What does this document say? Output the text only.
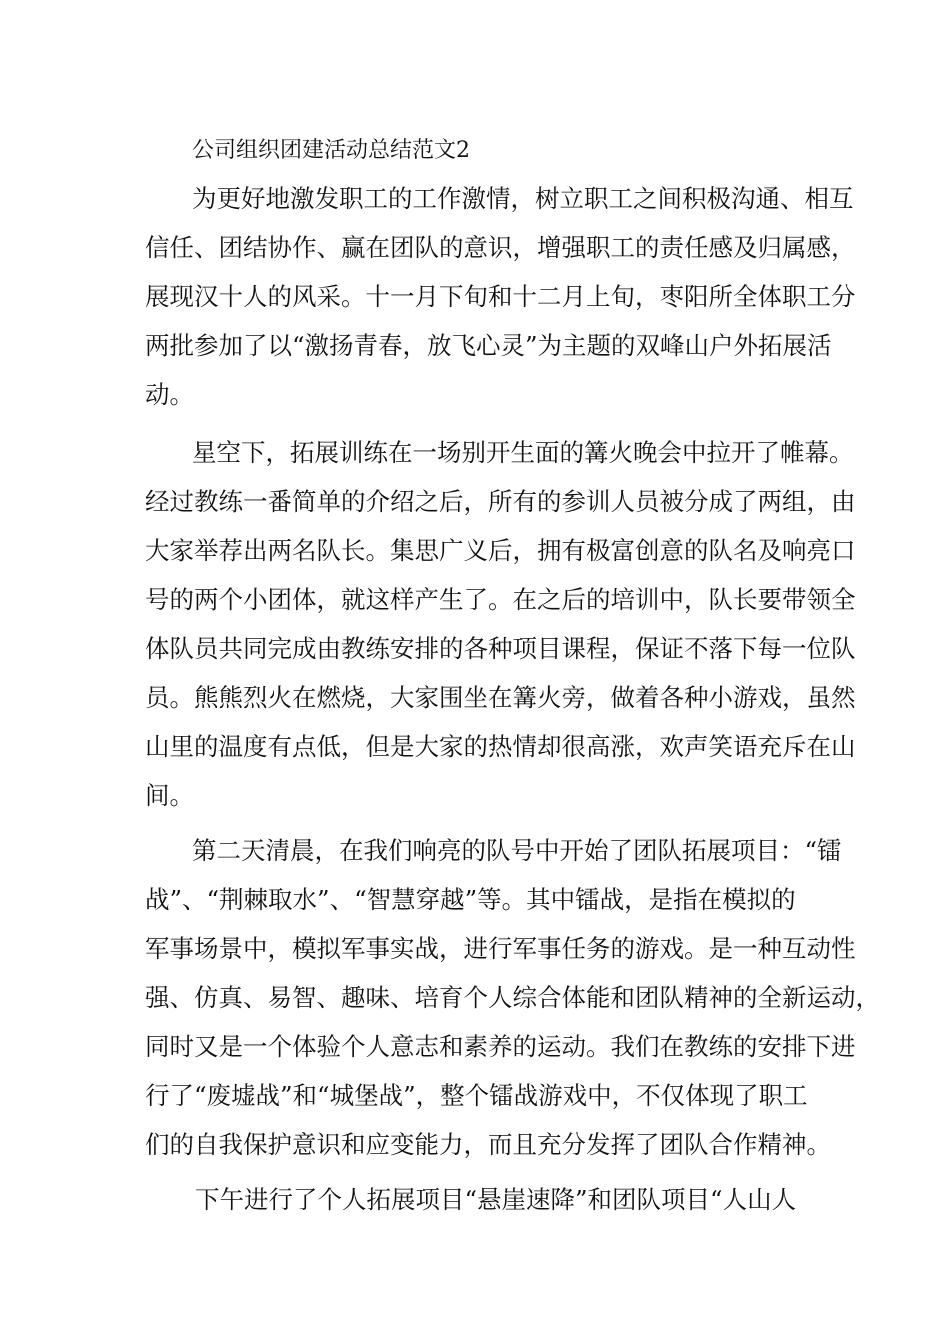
公司组织团建活动总结范文2
为更好地激发职工的工作激情，树立职工之间积极沟通、相互
信任、团结协作、赢在团队的意识，增强职工的责任感及归属感，
展现汉十人的风采。十一月下旬和十二月上旬，枣阳所全体职工分
两批参加了以“激扬青春，放飞心灵”为主题的双峰山户外拓展活
动。
星空下，拓展训练在一场别开生面的篝火晚会中拉开了帷幕。
经过教练一番简单的介绍之后，所有的参训人员被分成了两组，由
大家举荐出两名队长。集思广义后，拥有极富创意的队名及响亮口
号的两个小团体，就这样产生了。在之后的培训中，队长要带领全
体队员共同完成由教练安排的各种项目课程，保证不落下每一位队
员。熊熊烈火在燃烧，大家围坐在篝火旁，做着各种小游戏，虽然
山里的温度有点低，但是大家的热情却很高涨，欢声笑语充斥在山
间。
第二天清晨，在我们响亮的队号中开始了团队拓展项目：“镭
战”、“荆棘取水”、“智慧穿越”等。其中镭战，是指在模拟的
军事场景中，模拟军事实战，进行军事任务的游戏。是一种互动性
强、仿真、易智、趣味、培育个人综合体能和团队精神的全新运动，
同时又是一个体验个人意志和素养的运动。我们在教练的安排下进
行了“废墟战”和“城堡战”，整个镭战游戏中，不仅体现了职工
们的自我保护意识和应变能力，而且充分发挥了团队合作精神。
下午进行了个人拓展项目“悬崖速降”和团队项目“人山人
